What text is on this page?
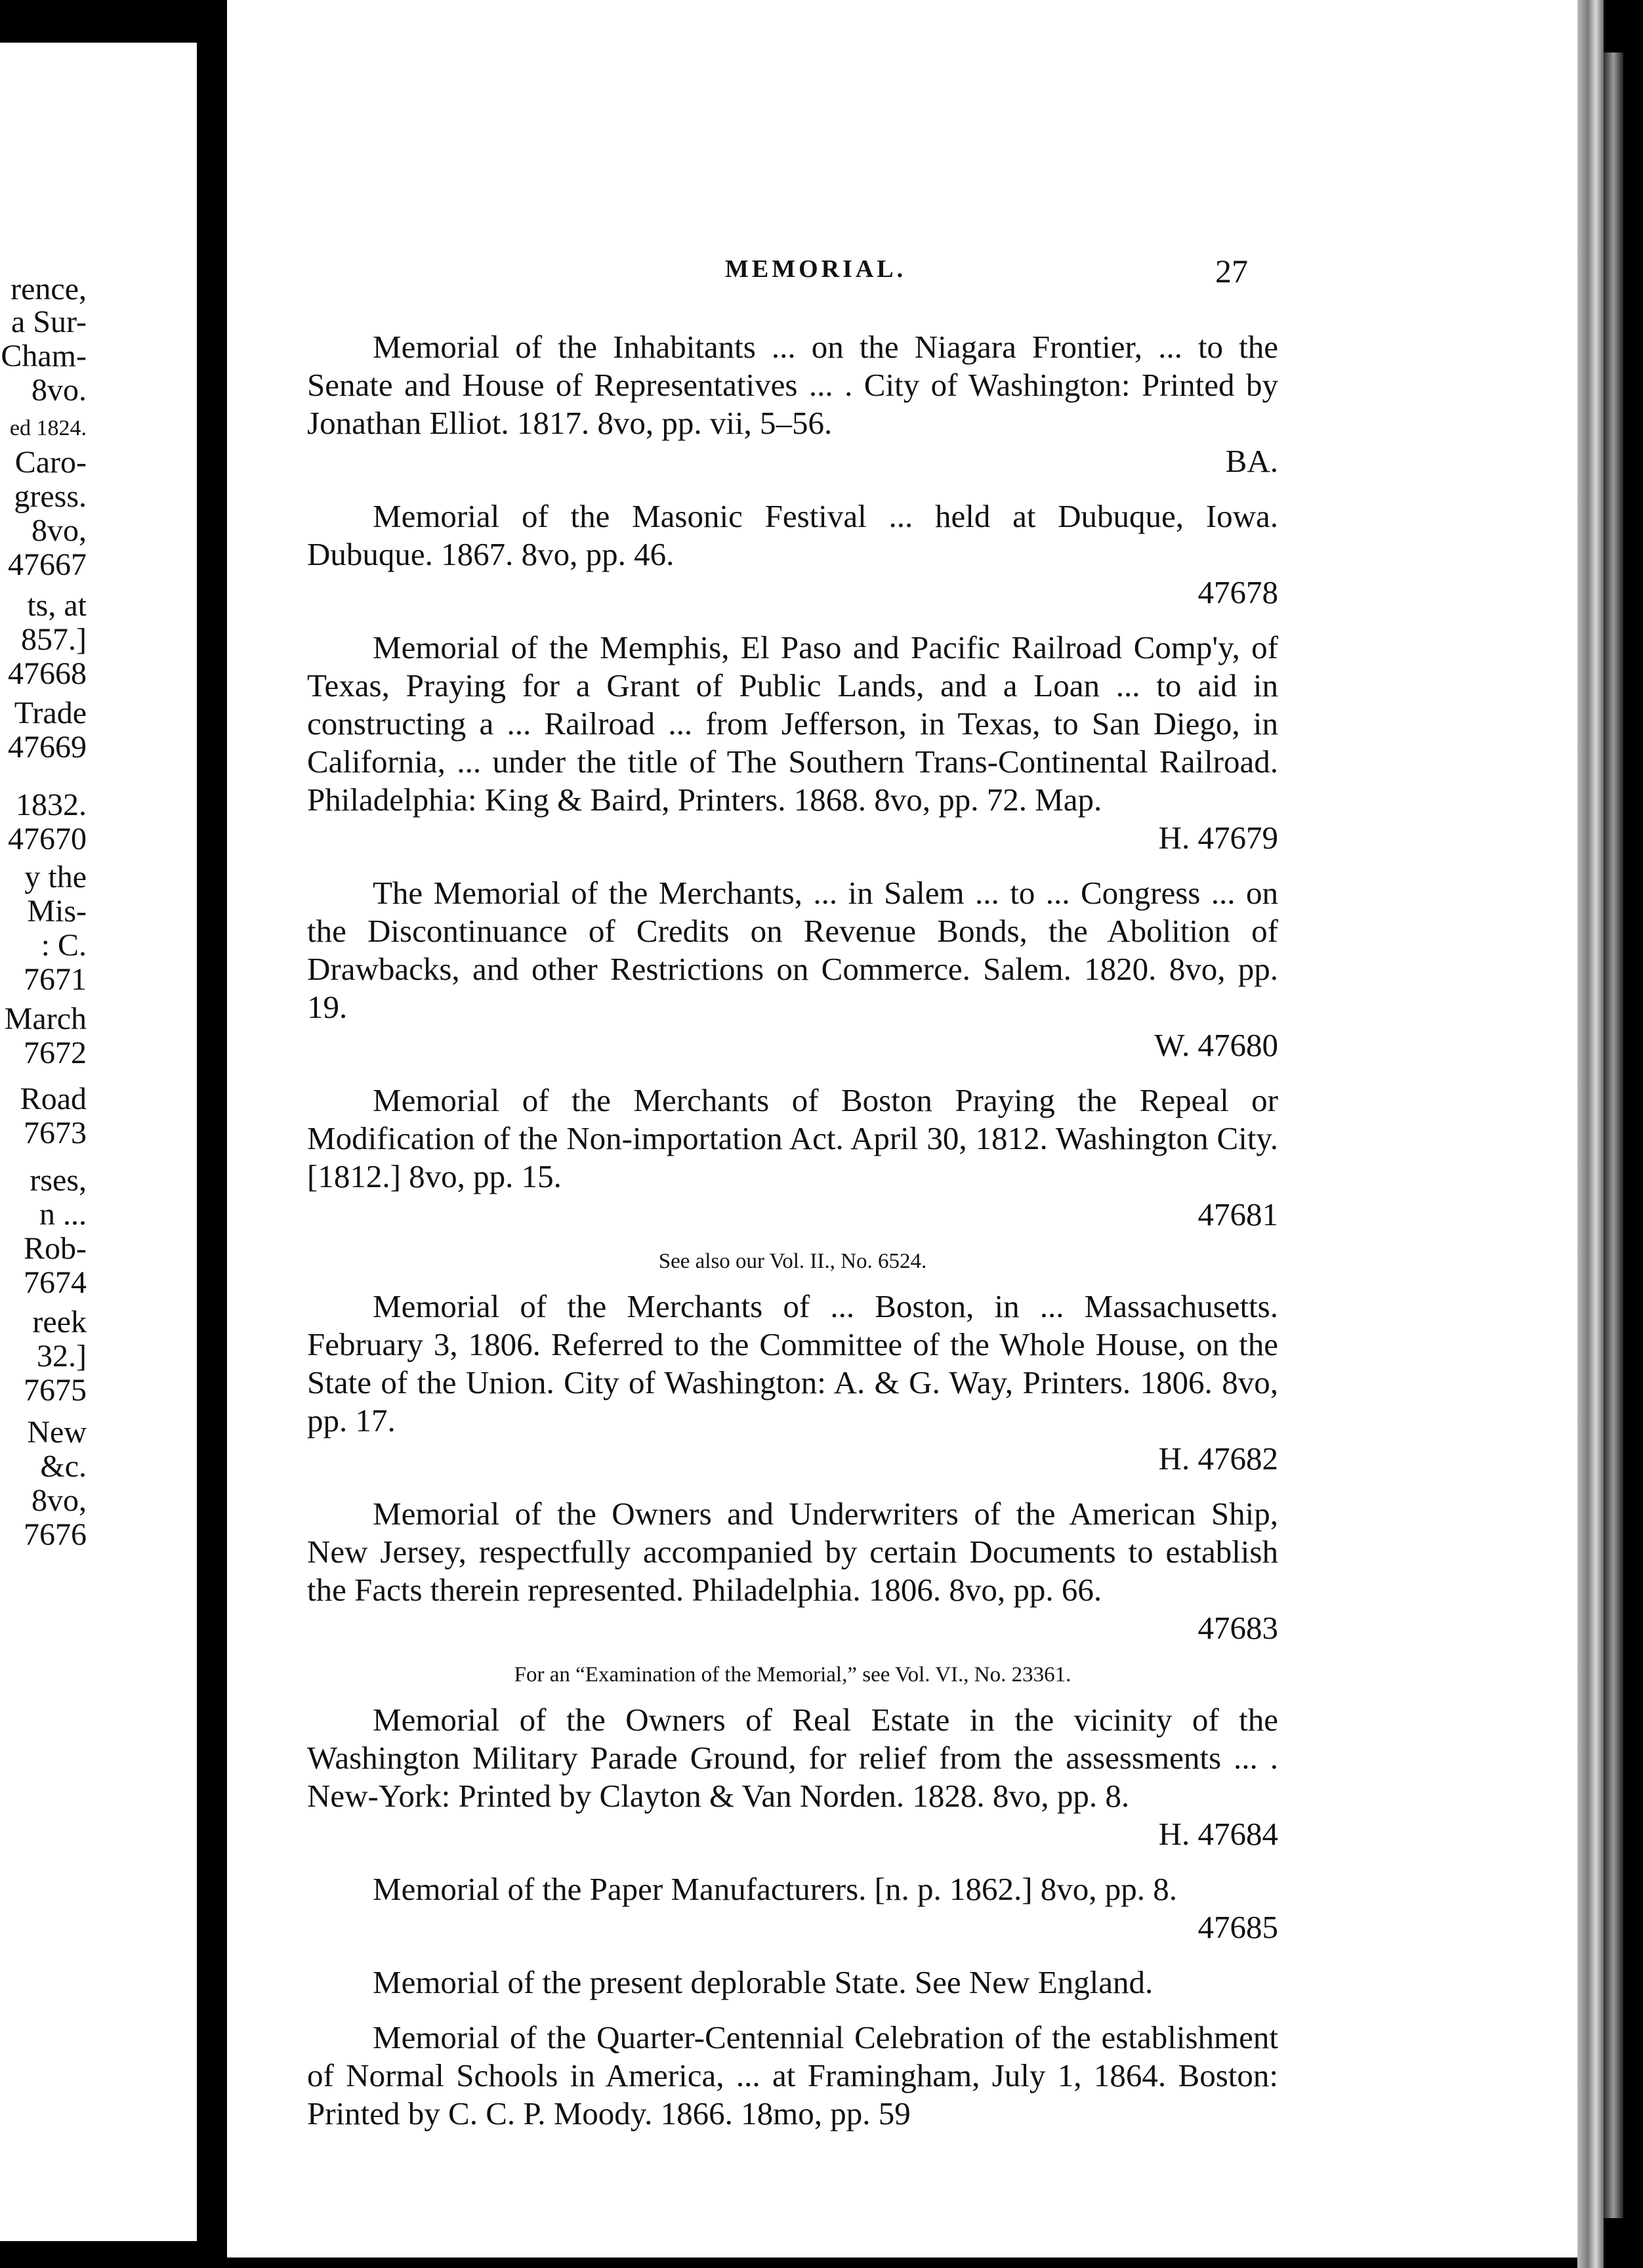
rence,
a Sur-
Cham-
8vo.
ed 1824.
Caro-
gress.
8vo,
47667
ts, at
857.]
47668
Trade
47669
1832.
47670
y the
Mis-
: C.
7671
March
7672
Road
7673
rses,
n ...
Rob-
7674
reek
32.]
7675
New
&c.
8vo,
7676
MEMORIAL.	27
Memorial of the Inhabitants ... on the Niagara Frontier, ... to the Senate and House of Representatives ... . City of Washington: Printed by Jonathan Elliot. 1817. 8vo, pp. vii, 5–56.
BA.
Memorial of the Masonic Festival ... held at Dubuque, Iowa. Dubuque. 1867. 8vo, pp. 46.
47678
Memorial of the Memphis, El Paso and Pacific Railroad Comp'y, of Texas, Praying for a Grant of Public Lands, and a Loan ... to aid in constructing a ... Railroad ... from Jefferson, in Texas, to San Diego, in California, ... under the title of The Southern Trans-Continental Railroad. Philadelphia: King & Baird, Printers. 1868. 8vo, pp. 72. Map.
H. 47679
The Memorial of the Merchants, ... in Salem ... to ... Congress ... on the Discontinuance of Credits on Revenue Bonds, the Abolition of Drawbacks, and other Restrictions on Commerce. Salem. 1820. 8vo, pp. 19.
W. 47680
Memorial of the Merchants of Boston Praying the Repeal or Modification of the Non-importation Act. April 30, 1812. Washington City. [1812.] 8vo, pp. 15.
47681
See also our Vol. II., No. 6524.
Memorial of the Merchants of ... Boston, in ... Massachusetts. February 3, 1806. Referred to the Committee of the Whole House, on the State of the Union. City of Washington: A. & G. Way, Printers. 1806. 8vo, pp. 17.
H. 47682
Memorial of the Owners and Underwriters of the American Ship, New Jersey, respectfully accompanied by certain Documents to establish the Facts therein represented. Philadelphia. 1806. 8vo, pp. 66.
47683
For an “Examination of the Memorial,” see Vol. VI., No. 23361.
Memorial of the Owners of Real Estate in the vicinity of the Washington Military Parade Ground, for relief from the assessments ... . New-York: Printed by Clayton & Van Norden. 1828. 8vo, pp. 8.
H. 47684
Memorial of the Paper Manufacturers. [n. p. 1862.] 8vo, pp. 8.
47685
Memorial of the present deplorable State. See New England.
Memorial of the Quarter-Centennial Celebration of the establishment of Normal Schools in America, ... at Framingham, July 1, 1864. Boston: Printed by C. C. P. Moody. 1866. 18mo, pp. 59
